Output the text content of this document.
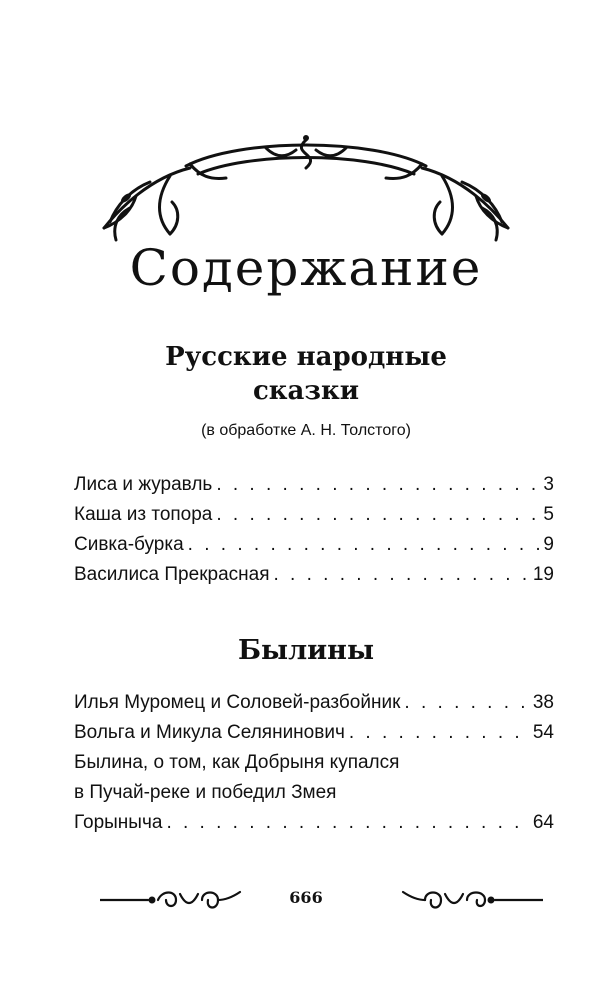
Содержание
Русские народные
сказки
(в обработке А. Н. Толстого)
Лиса и журавль . . .	3
Каша из топора . . .	5
Сивка-бурка . . .	9
Василиса Прекрасная . . .	19
Былины
Илья Муромец и Соловей-разбойник . . .	38
Вольга и Микула Селянинович . . .	54
Былина, о том, как Добрыня купался
в Пучай-реке и победил Змея
Горыныча . . .	64
666
